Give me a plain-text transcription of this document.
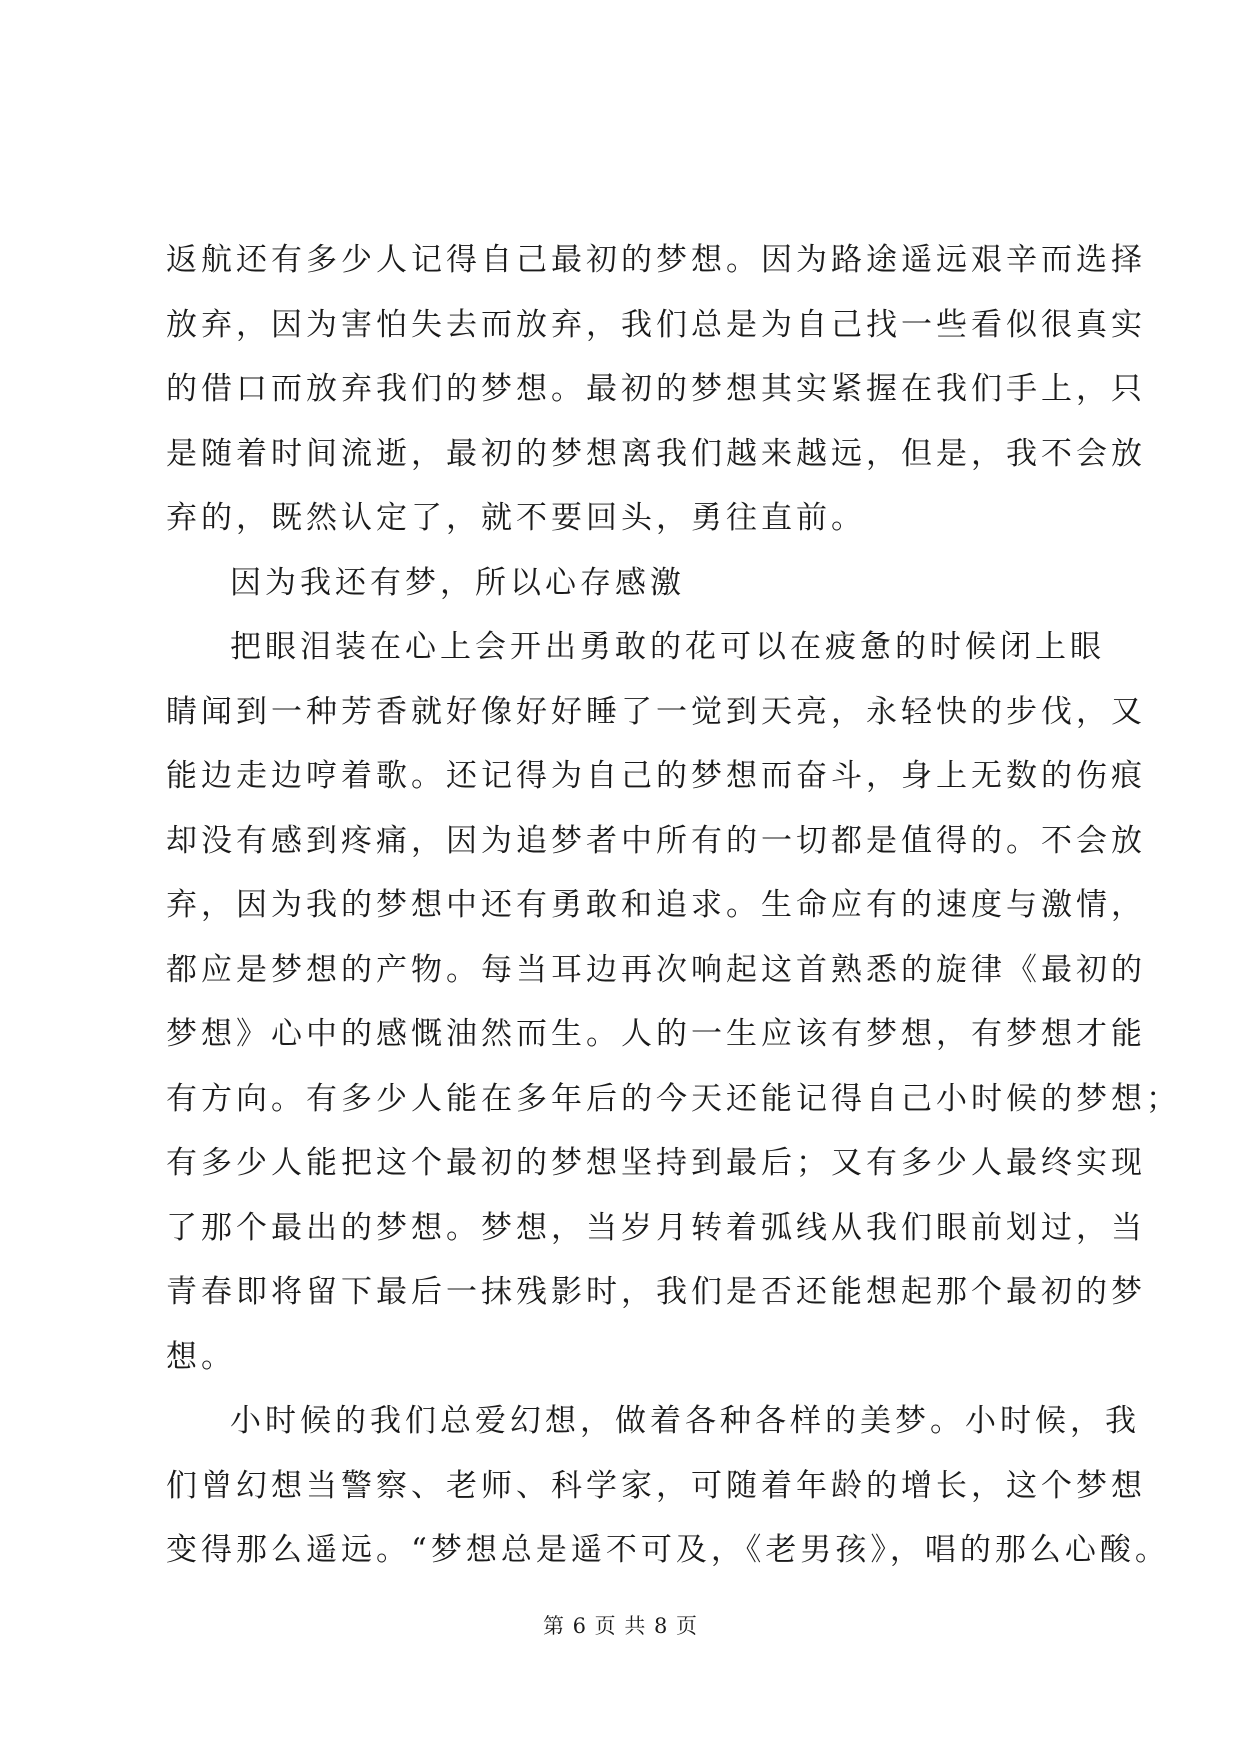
返航还有多少人记得自己最初的梦想。因为路途遥远艰辛而选择
放弃，因为害怕失去而放弃，我们总是为自己找一些看似很真实
的借口而放弃我们的梦想。最初的梦想其实紧握在我们手上，只
是随着时间流逝，最初的梦想离我们越来越远，但是，我不会放
弃的，既然认定了，就不要回头，勇往直前。
因为我还有梦，所以心存感激
把眼泪装在心上会开出勇敢的花可以在疲惫的时候闭上眼
睛闻到一种芳香就好像好好睡了一觉到天亮，永轻快的步伐，又
能边走边哼着歌。还记得为自己的梦想而奋斗，身上无数的伤痕
却没有感到疼痛，因为追梦者中所有的一切都是值得的。不会放
弃，因为我的梦想中还有勇敢和追求。生命应有的速度与激情，
都应是梦想的产物。每当耳边再次响起这首熟悉的旋律《最初的
梦想》心中的感慨油然而生。人的一生应该有梦想，有梦想才能
有方向。有多少人能在多年后的今天还能记得自己小时候的梦想；
有多少人能把这个最初的梦想坚持到最后；又有多少人最终实现
了那个最出的梦想。梦想，当岁月转着弧线从我们眼前划过，当
青春即将留下最后一抹残影时，我们是否还能想起那个最初的梦
想。
小时候的我们总爱幻想，做着各种各样的美梦。小时候，我
们曾幻想当警察、老师、科学家，可随着年龄的增长，这个梦想
变得那么遥远。“梦想总是遥不可及，《老男孩》，唱的那么心酸。
第 6 页 共 8 页
